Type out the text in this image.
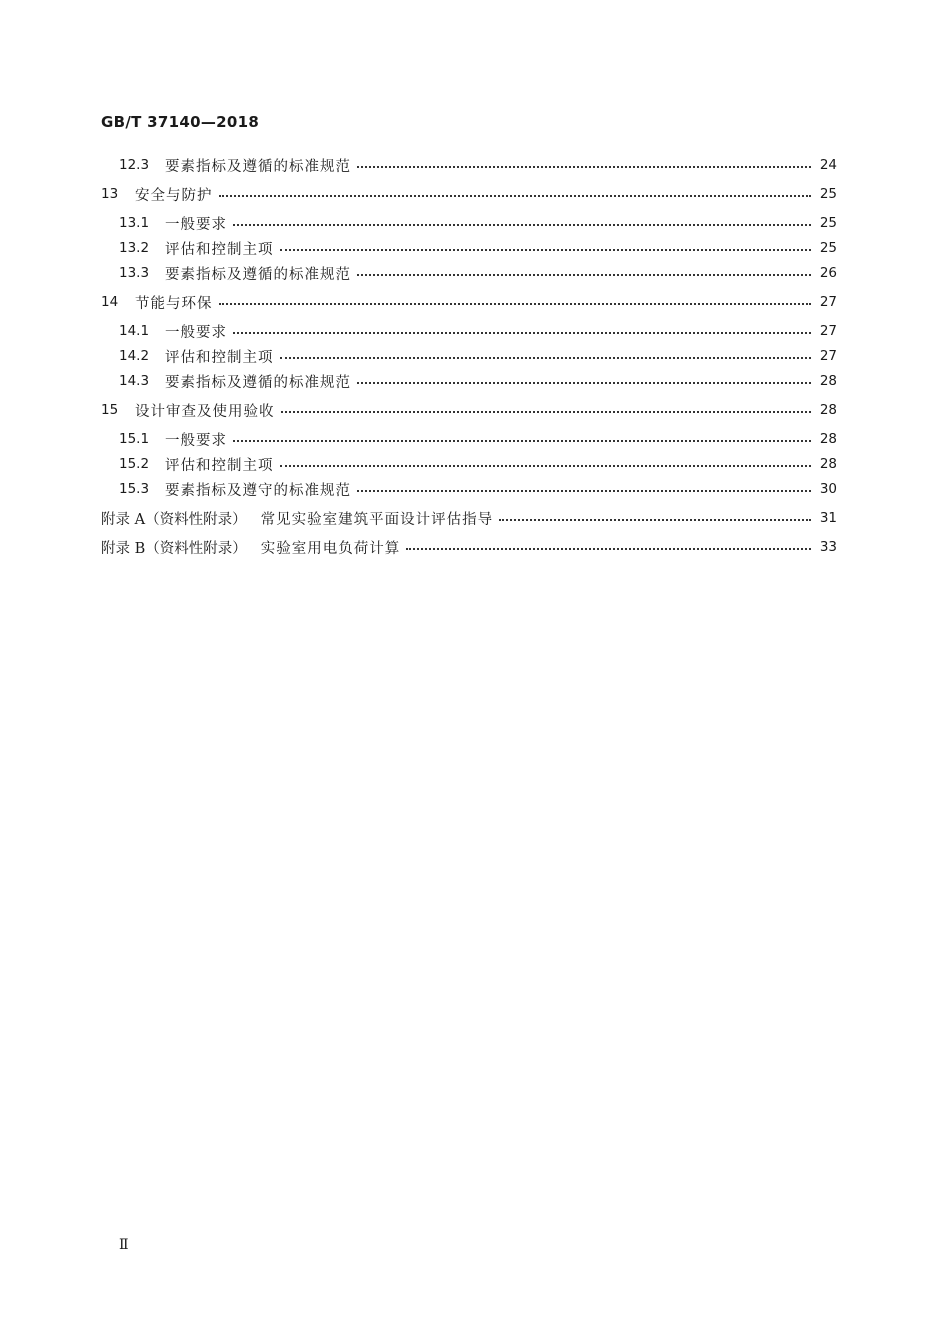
GB/T 37140—2018
12.3	要素指标及遵循的标准规范	24
13	安全与防护	25
13.1	一般要求	25
13.2	评估和控制主项	25
13.3	要素指标及遵循的标准规范	26
14	节能与环保	27
14.1	一般要求	27
14.2	评估和控制主项	27
14.3	要素指标及遵循的标准规范	28
15	设计审查及使用验收	28
15.1	一般要求	28
15.2	评估和控制主项	28
15.3	要素指标及遵守的标准规范	30
附录 A（资料性附录） 常见实验室建筑平面设计评估指导	31
附录 B（资料性附录） 实验室用电负荷计算	33
Ⅱ
